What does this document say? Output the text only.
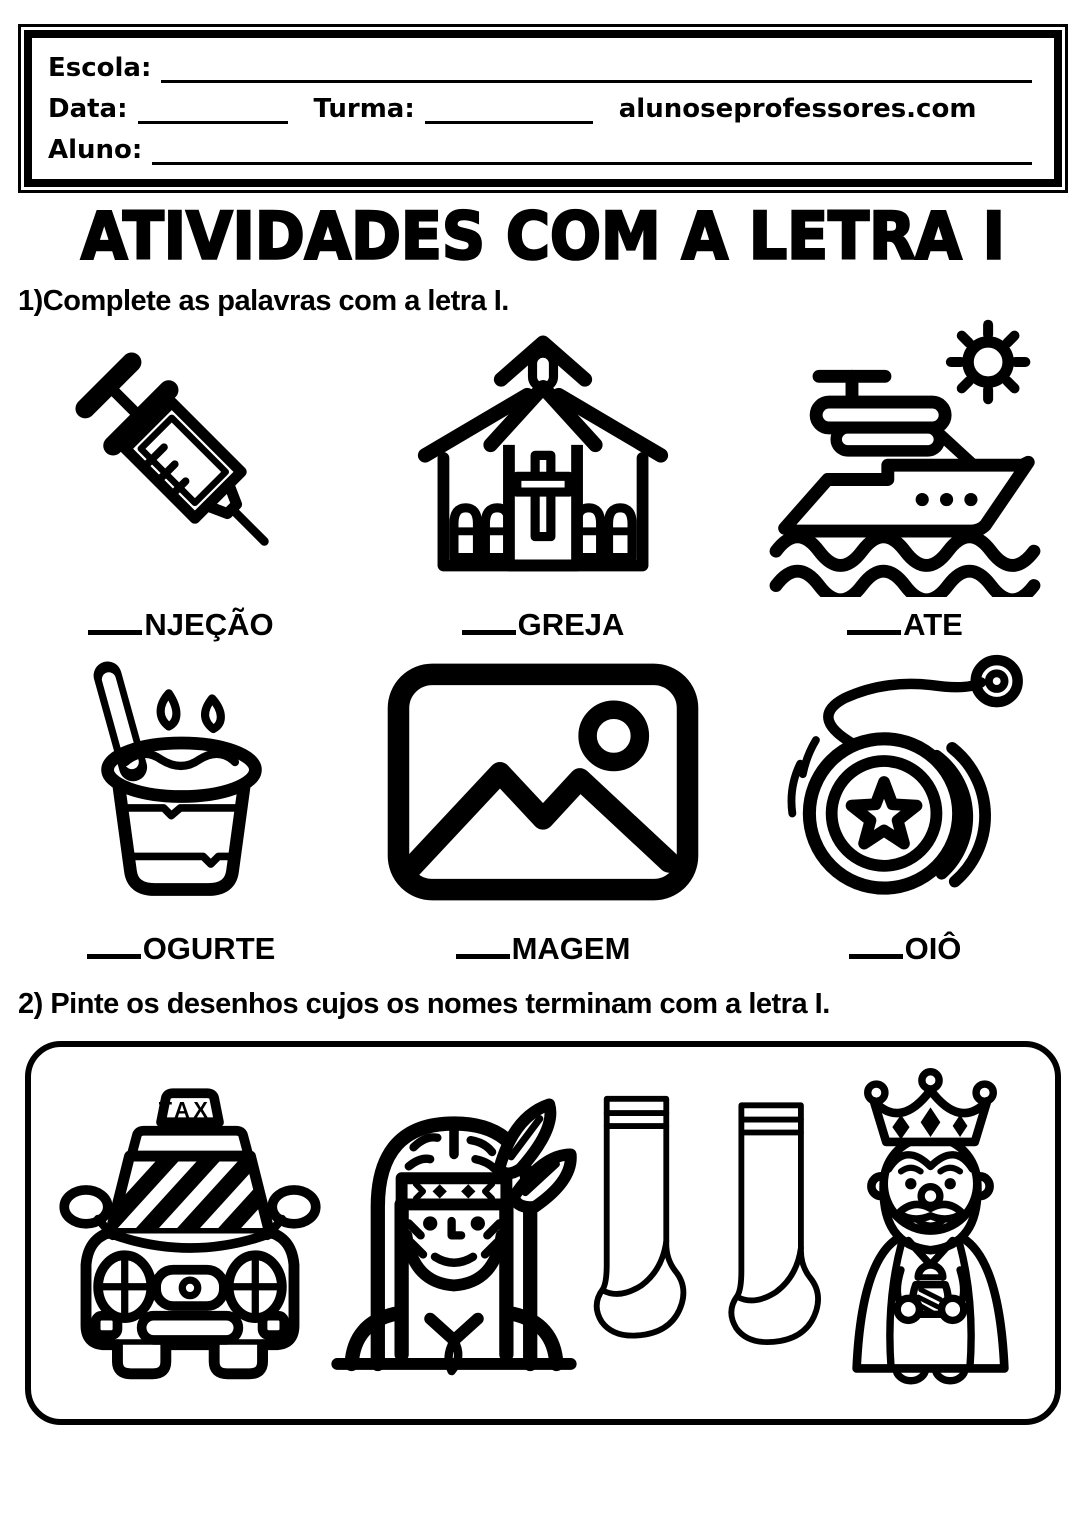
Escola:
Data:	Turma:	alunoseprofessores.com
Aluno:
ATIVIDADES COM A LETRA I
1)Complete as palavras com a letra I.
NJEÇÃO	GREJA	ATE
OGURTE	MAGEM	OIÔ
2) Pinte os desenhos cujos os nomes terminam com a letra I.
TAXI
